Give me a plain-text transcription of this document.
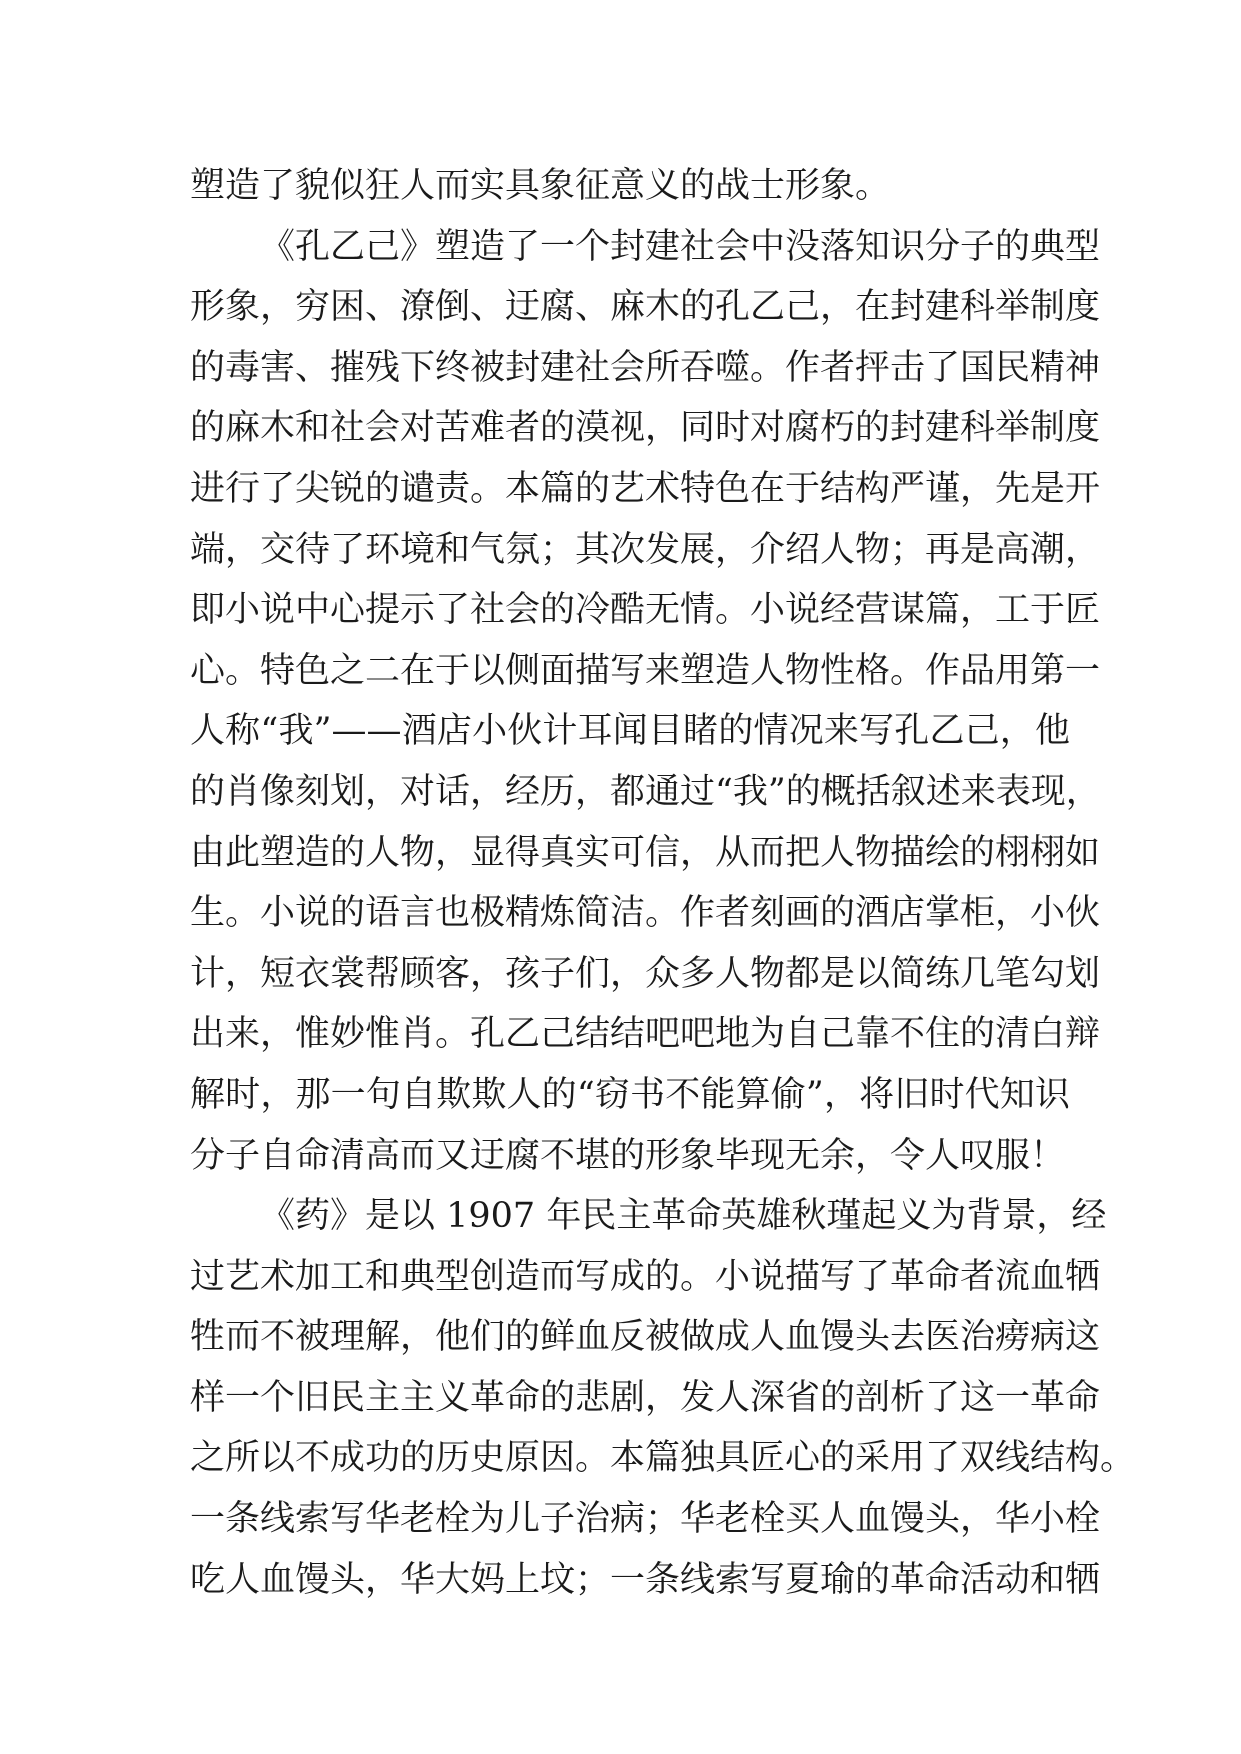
塑造了貌似狂人而实具象征意义的战士形象。
《孔乙己》塑造了一个封建社会中没落知识分子的典型
形象，穷困、潦倒、迂腐、麻木的孔乙己，在封建科举制度
的毒害、摧残下终被封建社会所吞噬。作者抨击了国民精神
的麻木和社会对苦难者的漠视，同时对腐朽的封建科举制度
进行了尖锐的谴责。本篇的艺术特色在于结构严谨，先是开
端，交待了环境和气氛；其次发展，介绍人物；再是高潮，
即小说中心提示了社会的冷酷无情。小说经营谋篇，工于匠
心。特色之二在于以侧面描写来塑造人物性格。作品用第一
人称“我”——酒店小伙计耳闻目睹的情况来写孔乙己，他
的肖像刻划，对话，经历，都通过“我”的概括叙述来表现，
由此塑造的人物，显得真实可信，从而把人物描绘的栩栩如
生。小说的语言也极精炼简洁。作者刻画的酒店掌柜，小伙
计，短衣裳帮顾客，孩子们，众多人物都是以简练几笔勾划
出来，惟妙惟肖。孔乙己结结吧吧地为自己靠不住的清白辩
解时，那一句自欺欺人的“窃书不能算偷”，将旧时代知识
分子自命清高而又迂腐不堪的形象毕现无余，令人叹服！
《药》是以 1907 年民主革命英雄秋瑾起义为背景，经
过艺术加工和典型创造而写成的。小说描写了革命者流血牺
牲而不被理解，他们的鲜血反被做成人血馒头去医治痨病这
样一个旧民主主义革命的悲剧，发人深省的剖析了这一革命
之所以不成功的历史原因。本篇独具匠心的采用了双线结构。
一条线索写华老栓为儿子治病；华老栓买人血馒头，华小栓
吃人血馒头，华大妈上坟；一条线索写夏瑜的革命活动和牺
